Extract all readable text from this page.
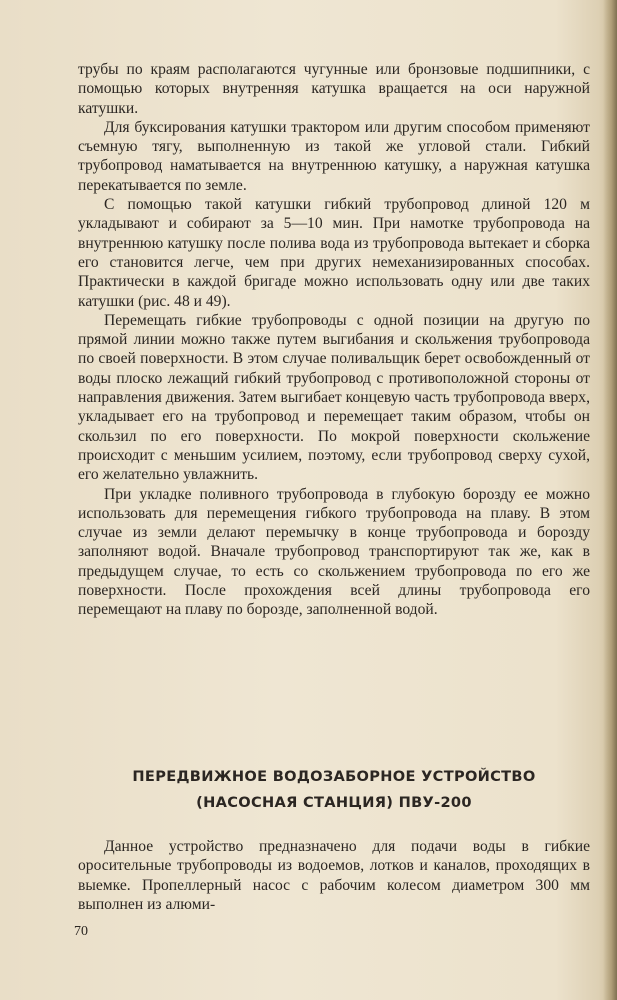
трубы по краям располагаются чугунные или бронзовые подшипники, с помощью которых внутренняя катушка вращается на оси наружной катушки.

Для буксирования катушки трактором или другим способом применяют съемную тягу, выполненную из такой же угловой стали. Гибкий трубопровод наматывается на внутреннюю катушку, а наружная катушка перекатывается по земле.

С помощью такой катушки гибкий трубопровод длиной 120 м укладывают и собирают за 5—10 мин. При намотке трубопровода на внутреннюю катушку после полива вода из трубопровода вытекает и сборка его становится легче, чем при других немеханизированных способах. Практически в каждой бригаде можно использовать одну или две таких катушки (рис. 48 и 49).

Перемещать гибкие трубопроводы с одной позиции на другую по прямой линии можно также путем выгибания и скольжения трубопровода по своей поверхности. В этом случае поливальщик берет освобожденный от воды плоско лежащий гибкий трубопровод с противоположной стороны от направления движения. Затем выгибает концевую часть трубопровода вверх, укладывает его на трубопровод и перемещает таким образом, чтобы он скользил по его поверхности. По мокрой поверхности скольжение происходит с меньшим усилием, поэтому, если трубопровод сверху сухой, его желательно увлажнить.

При укладке поливного трубопровода в глубокую борозду ее можно использовать для перемещения гибкого трубопровода на плаву. В этом случае из земли делают перемычку в конце трубопровода и борозду заполняют водой. Вначале трубопровод транспортируют так же, как в предыдущем случае, то есть со скольжением трубопровода по его же поверхности. После прохождения всей длины трубопровода его перемещают на плаву по борозде, заполненной водой.

ПЕРЕДВИЖНОЕ ВОДОЗАБОРНОЕ УСТРОЙСТВО
(НАСОСНАЯ СТАНЦИЯ) ПВУ-200

Данное устройство предназначено для подачи воды в гибкие оросительные трубопроводы из водоемов, лотков и каналов, проходящих в выемке. Пропеллерный насос с рабочим колесом диаметром 300 мм выполнен из алюми-

70
